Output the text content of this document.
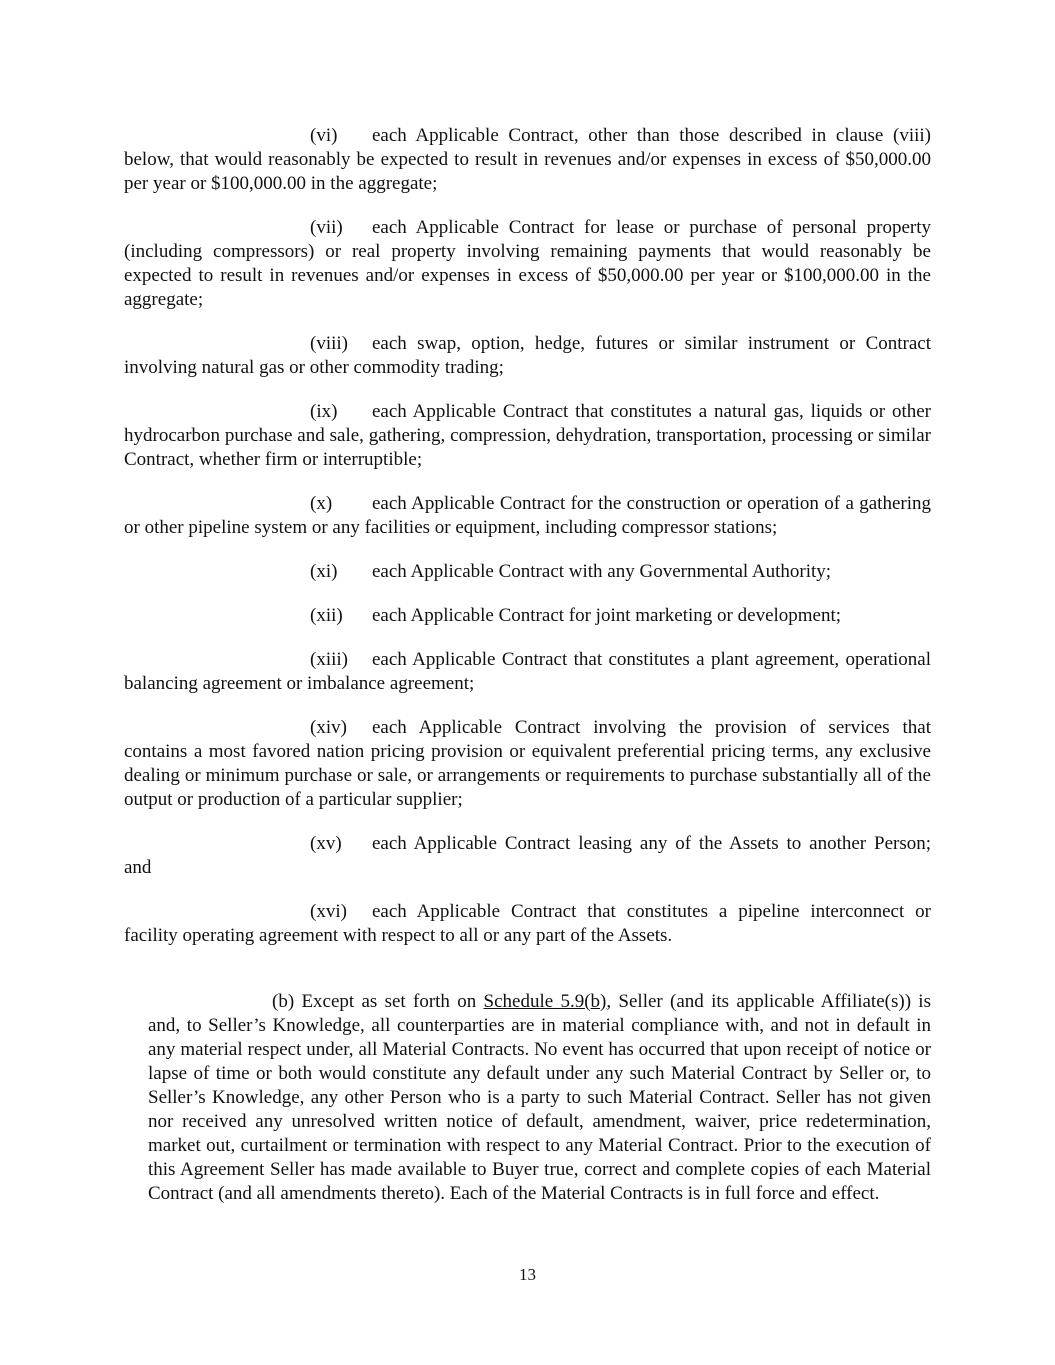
(vi) each Applicable Contract, other than those described in clause (viii) below, that would reasonably be expected to result in revenues and/or expenses in excess of $50,000.00 per year or $100,000.00 in the aggregate;

(vii) each Applicable Contract for lease or purchase of personal property (including compressors) or real property involving remaining payments that would reasonably be expected to result in revenues and/or expenses in excess of $50,000.00 per year or $100,000.00 in the aggregate;

(viii) each swap, option, hedge, futures or similar instrument or Contract involving natural gas or other commodity trading;

(ix) each Applicable Contract that constitutes a natural gas, liquids or other hydrocarbon purchase and sale, gathering, compression, dehydration, transportation, processing or similar Contract, whether firm or interruptible;

(x) each Applicable Contract for the construction or operation of a gathering or other pipeline system or any facilities or equipment, including compressor stations;

(xi) each Applicable Contract with any Governmental Authority;

(xii) each Applicable Contract for joint marketing or development;

(xiii) each Applicable Contract that constitutes a plant agreement, operational balancing agreement or imbalance agreement;

(xiv) each Applicable Contract involving the provision of services that contains a most favored nation pricing provision or equivalent preferential pricing terms, any exclusive dealing or minimum purchase or sale, or arrangements or requirements to purchase substantially all of the output or production of a particular supplier;

(xv) each Applicable Contract leasing any of the Assets to another Person; and

(xvi) each Applicable Contract that constitutes a pipeline interconnect or facility operating agreement with respect to all or any part of the Assets.

(b) Except as set forth on Schedule 5.9(b), Seller (and its applicable Affiliate(s)) is and, to Seller’s Knowledge, all counterparties are in material compliance with, and not in default in any material respect under, all Material Contracts. No event has occurred that upon receipt of notice or lapse of time or both would constitute any default under any such Material Contract by Seller or, to Seller’s Knowledge, any other Person who is a party to such Material Contract. Seller has not given nor received any unresolved written notice of default, amendment, waiver, price redetermination, market out, curtailment or termination with respect to any Material Contract. Prior to the execution of this Agreement Seller has made available to Buyer true, correct and complete copies of each Material Contract (and all amendments thereto). Each of the Material Contracts is in full force and effect.

13
